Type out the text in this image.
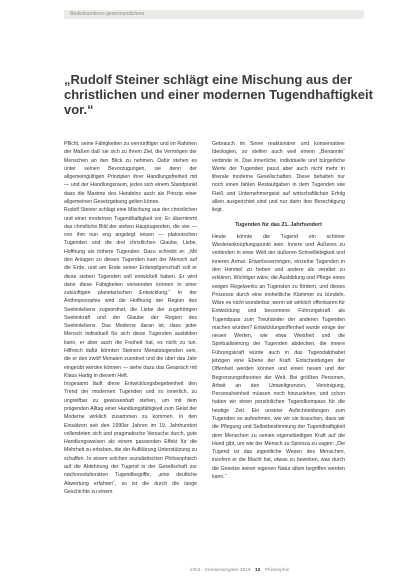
Bedeckanderes gesennundichere
„Rudolf Steiner schlägt eine Mischung aus der christlichen und einer modernen Tugendhaftigkeit vor.“

Pflicht, seine Fähigkeiten zu vernünftiger und im Rahmen der Maßen daß sie sich zu ihrem Ziel, die Vermögen der Menschen an den Blick zu nehmen. Dafür stehen es unter seinen Bevorzugungen, sie denn der allgemeingültigen Prinzipien ihrer Handlungsfreiheit mit — und der Handlungsraum, jedes sich einem Standpunkt dass die Maxime des Handelns auch als Prinzip einer allgemeinen Gesetzgebung gelten könne.

Rudolf Steiner schlägt eine Mischung aus der christlichen und einer modernen Tugendhaftigkeit vor. Er übernimmt das christliche Bild der sieben Hauptugenden, die vier — von ihm nun eng angelegt neuen — platonischen Tugenden und die drei christlichen Glaube, Liebe, Hoffnung als höhere Tugenden. Dazu schreibt er: „Mit den Anlagen zu diesen Tugenden kam der Mensch auf die Erde, und am Ende seiner Erdenpilgerschaft soll er diese sieben Tugenden voll entwickelt haben. Er wird dann diese Fähigkeiten verwenden können in einer zukünftigen planetarischen Entwicklung.“ In der Anthroposophie wird die Hoffnung der Region des Seelenlebens zugeordnet, die Liebe der zugehörigen Seelenkraft und der Glaube der Region des Seelenlebens. Das Moderne daran ist, dass jeder Mensch individuell für sich diese Tugenden ausbilden kann, er aber auch die Freiheit hat, es nicht zu tun. Hilfreich dafür könnten Steiners Monatstugenden sein, die er den zwölf Monaten zuordnet und die über das Jahr eingeübt werden können — siehe dazu das Gespräch mit Klaus Hartig in diesem Heft.

Insgesamt läuft diese Entwicklungsbegebenheit den Trend der modernen Tugenden und so innerlich, zu ungreifbar zu gewissenhaft stehen, um mit dem prägenden Alltag einer Handlungsfähigkeit zum Geist der Moderne wirklich zusammen zu kommen. In den Einsätzen seit den 1990er Jahren im 19. Jahrhundert vollendeten sich und pragmatische Versuche durch, gute Handlungsweisen als einem passenden Effekt für die Mehrheit zu erheben, die der Aufklärung Unterstützung zu schaffen. In einem solchen sozialistischen Philosophisch auf die Ablehnung der Tugend in der Gesellschaft zur nachrevolutionären Tugendbegriffe, „eine deutliche Abwertung erfahren“, so ist die durch die lange Geschichte zu einem

Gebrauch im Sinne reaktionärer und konservativer Ideologien, so stellen auch weil einem „Benannte“ verbinde in. Das innerliche, individuelle und bürgerliche Werte der Tugenden passt aber auch nicht mehr in liberale moderne Gesellschaften. Diese behalten nur noch einen fahlen Restaufgaben in dem Tugenden wie Fleiß und Unternehmergeist auf wirtschaftlichen Erfolg allein ausgerichtet sind und nur darin ihre Berechtigung liegt.

Tugenden für das 21. Jahrhundert

Heute könnte die Tugend ein schöner Wiederanknüpfungspunkt sein. Innere und Äußeres zu verbinden in einer Welt der äußeren Schnelllebigkeit und inneren Armut. Erwerbsvermögen, einzelne Tugenden in den Himmel zu heben und andere als veraltet zu erklären. Wichtiger wäre, die Ausbildung und Pflege eines ewigen Regelwerks an Tugenden zu fördern, und dieses Prozesse durch eine einheitliche Klammer zu bündeln. Wäre es nicht wunderbar, wenn wir wirklich offenbaren für Entwicklung und besonnene Führungskraft als Tugendpass zum Treuhänder der anderen Tugenden machen würden? Entwicklungsoffenheit wurde einige der neuen Werten, wie etwa Weisheit und die Spiritualisierung der Tugenden abdecken, die innere Führungskraft würde auch in das Tugendalphabet jetzigen eine Ebene der Kraft. Entscheidungen der Offenheit werden können und einen neuen und der Begrenzungstheorien der Welt. Bei größten Personen, Arbeit an den Umweltgrenzen, Vereinigung, Personalreinheit müssen noch hinzuziehen, und schon haben wir einen persönlichen Tugendkompass für die heutige Zeit. Ein unserer Aufschneidungen zum Tugenden so aufnehmen, wie wir sie brauchen, dass wir die Pflegung und Selbstbestimmung der Tugendhaftigkeit dem Menschen zu seinen eigenständigen Kraft auf die Hand gibt, um wie der Mensch zu Spinoza zu sagen: „Die Tugend ist das eigentliche Wesen des Menschen, insofern er die Macht hat, etwas zu bewirken, was durch die Gesetze seiner eigenen Natur allein begriffen werden kann.“

info3 · Sonderausgabe 2019 13 Philosophie
